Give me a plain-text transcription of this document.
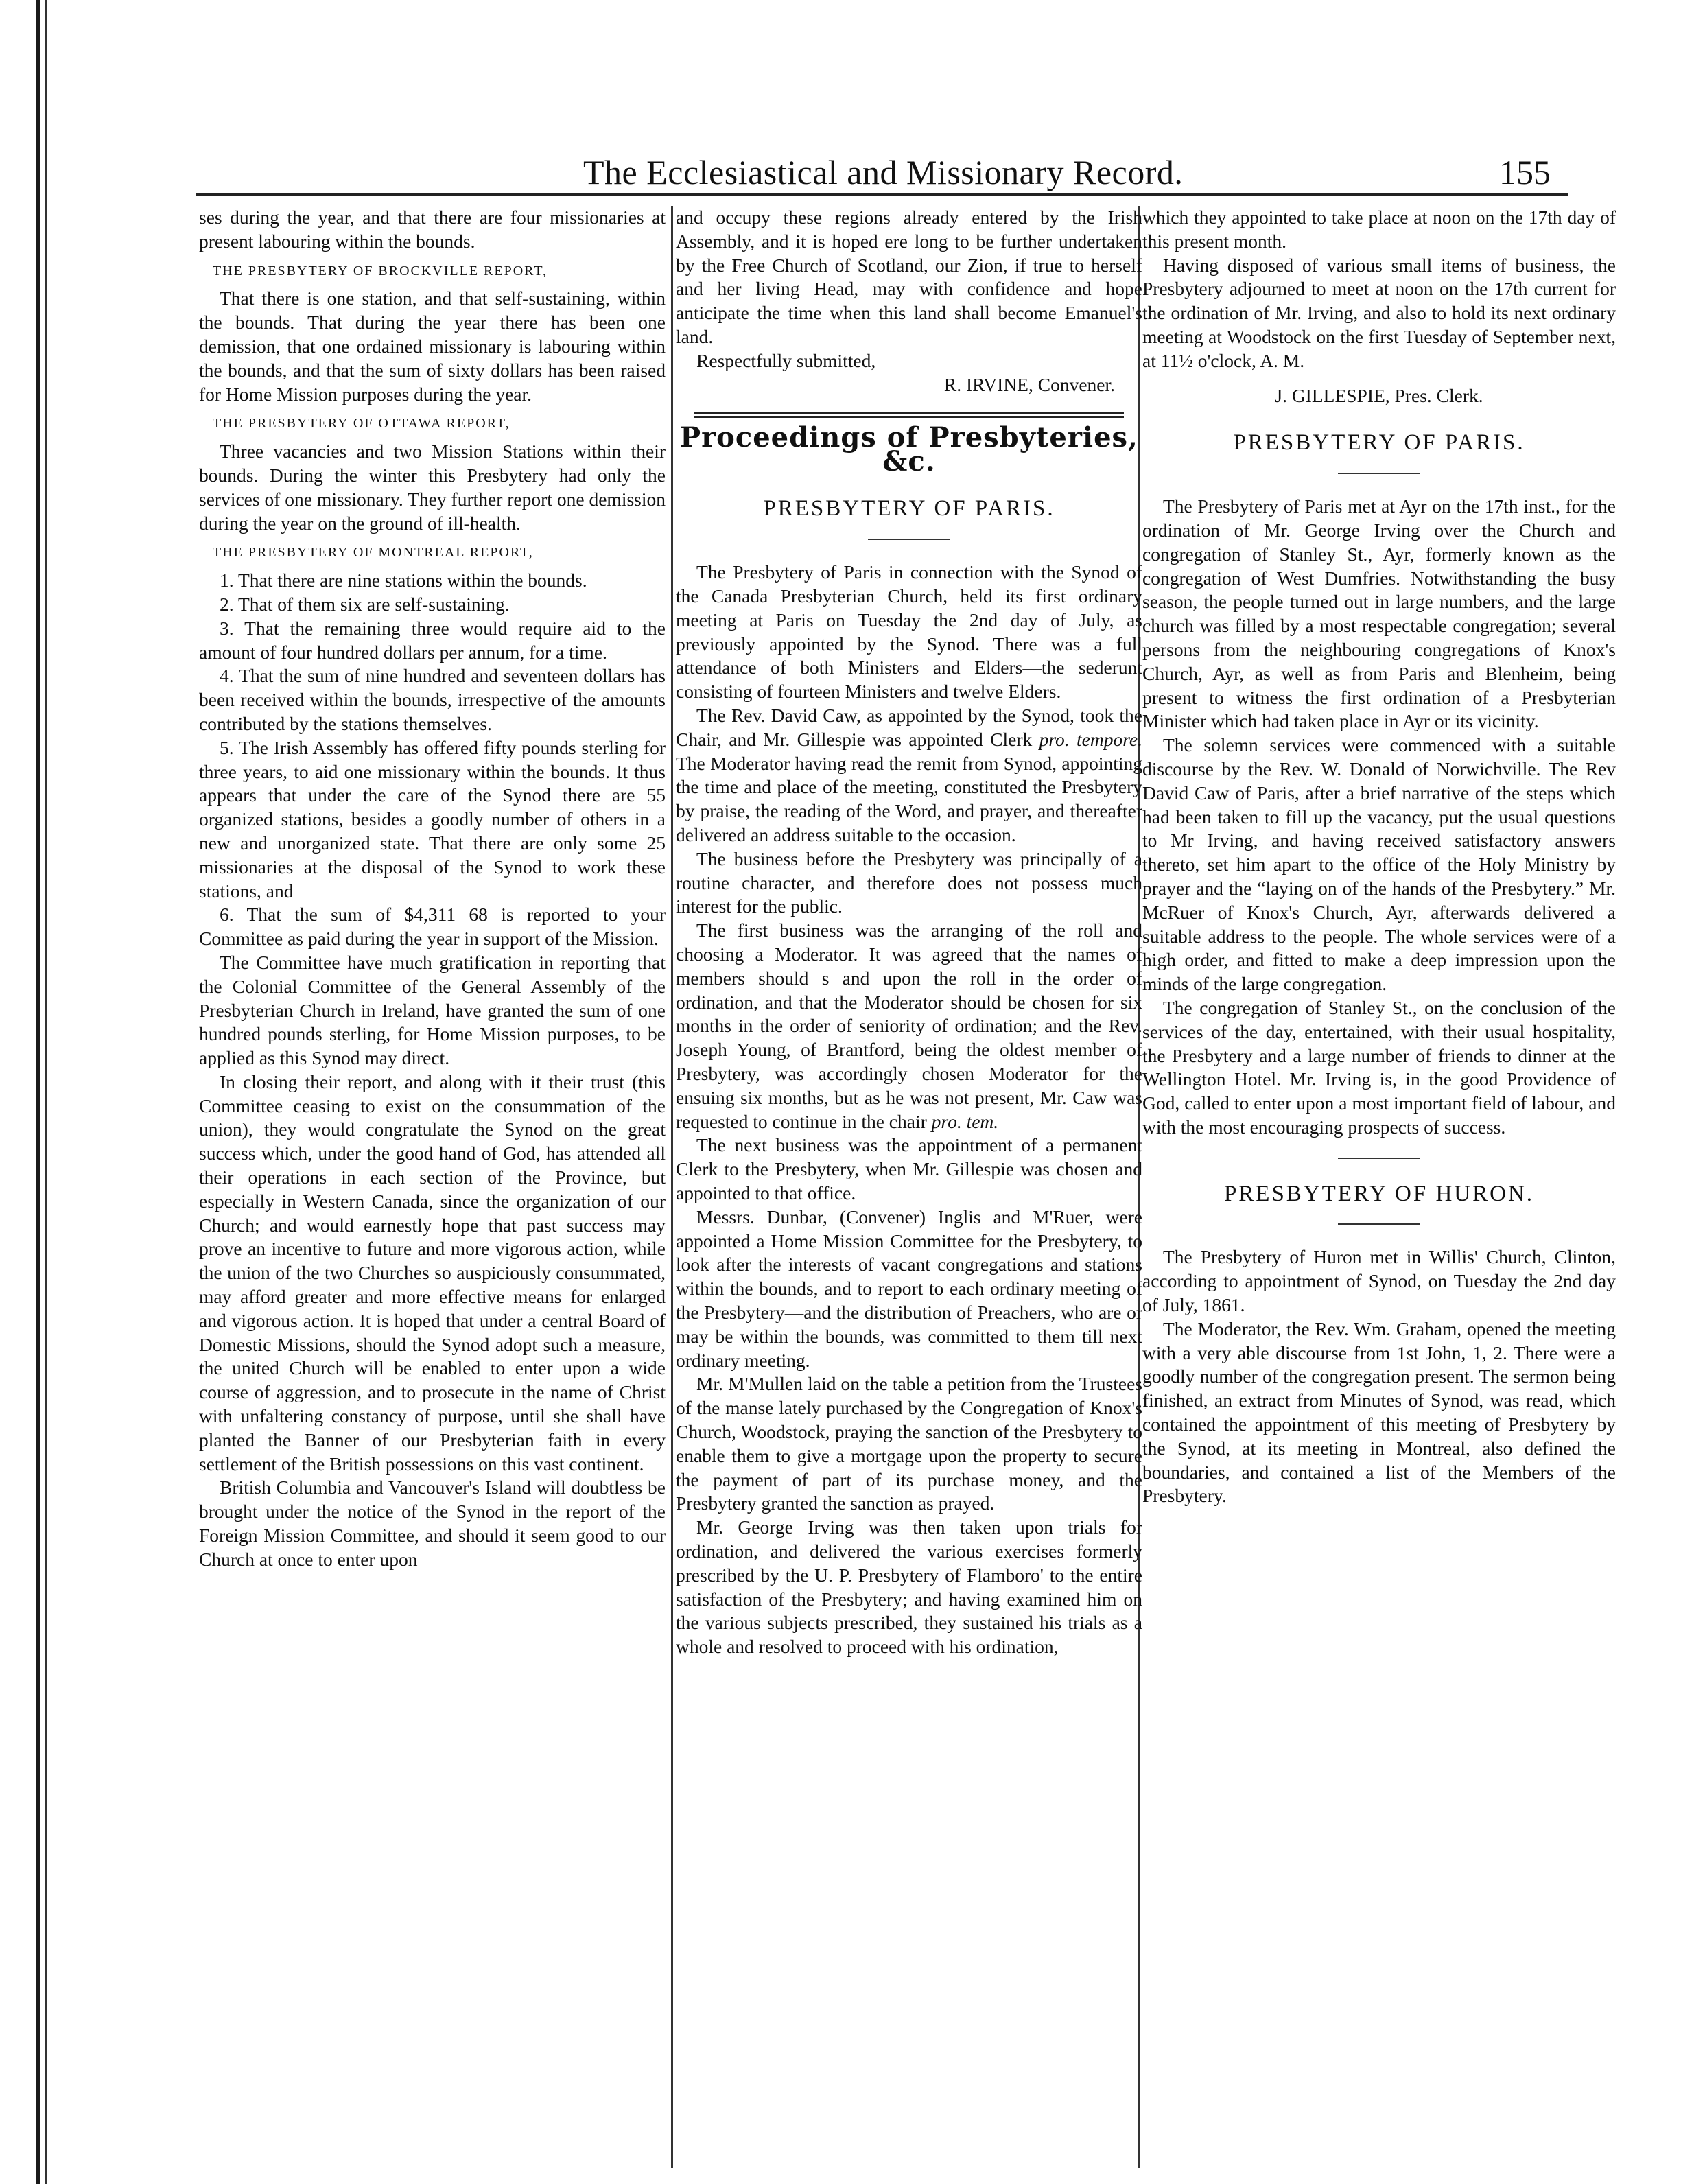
The Ecclesiastical and Missionary Record.	155

ses during the year, and that there are four missionaries at present labouring within the bounds.

THE PRESBYTERY OF BROCKVILLE REPORT,

That there is one station, and that self-sustaining, within the bounds. That during the year there has been one demission, that one ordained missionary is labouring within the bounds, and that the sum of sixty dollars has been raised for Home Mission purposes during the year.

THE PRESBYTERY OF OTTAWA REPORT,

Three vacancies and two Mission Stations within their bounds. During the winter this Presbytery had only the services of one missionary. They further report one demission during the year on the ground of ill-health.

THE PRESBYTERY OF MONTREAL REPORT,

1. That there are nine stations within the bounds.

2. That of them six are self-sustaining.

3. That the remaining three would require aid to the amount of four hundred dollars per annum, for a time.

4. That the sum of nine hundred and seventeen dollars has been received within the bounds, irrespective of the amounts contributed by the stations themselves.

5. The Irish Assembly has offered fifty pounds sterling for three years, to aid one missionary within the bounds. It thus appears that under the care of the Synod there are 55 organized stations, besides a goodly number of others in a new and unorganized state. That there are only some 25 missionaries at the disposal of the Synod to work these stations, and

6. That the sum of $4,311 68 is reported to your Committee as paid during the year in support of the Mission.

The Committee have much gratification in reporting that the Colonial Committee of the General Assembly of the Presbyterian Church in Ireland, have granted the sum of one hundred pounds sterling, for Home Mission purposes, to be applied as this Synod may direct.

In closing their report, and along with it their trust (this Committee ceasing to exist on the consummation of the union), they would congratulate the Synod on the great success which, under the good hand of God, has attended all their operations in each section of the Province, but especially in Western Canada, since the organization of our Church; and would earnestly hope that past success may prove an incentive to future and more vigorous action, while the union of the two Churches so auspiciously consummated, may afford greater and more effective means for enlarged and vigorous action. It is hoped that under a central Board of Domestic Missions, should the Synod adopt such a measure, the united Church will be enabled to enter upon a wide course of aggression, and to prosecute in the name of Christ with unfaltering constancy of purpose, until she shall have planted the Banner of our Presbyterian faith in every settlement of the British possessions on this vast continent.

British Columbia and Vancouver's Island will doubtless be brought under the notice of the Synod in the report of the Foreign Mission Committee, and should it seem good to our Church at once to enter upon

and occupy these regions already entered by the Irish Assembly, and it is hoped ere long to be further undertaken by the Free Church of Scotland, our Zion, if true to herself and her living Head, may with confidence and hope anticipate the time when this land shall become Emanuel's land.

Respectfully submitted,

R. IRVINE, Convener.

Proceedings of Presbyteries, &c.

PRESBYTERY OF PARIS.

The Presbytery of Paris in connection with the Synod of the Canada Presbyterian Church, held its first ordinary meeting at Paris on Tuesday the 2nd day of July, as previously appointed by the Synod. There was a full attendance of both Ministers and Elders—the sederunt consisting of fourteen Ministers and twelve Elders.

The Rev. David Caw, as appointed by the Synod, took the Chair, and Mr. Gillespie was appointed Clerk pro. tempore. The Moderator having read the remit from Synod, appointing the time and place of the meeting, constituted the Presbytery by praise, the reading of the Word, and prayer, and thereafter delivered an address suitable to the occasion.

The business before the Presbytery was principally of a routine character, and therefore does not possess much interest for the public.

The first business was the arranging of the roll and choosing a Moderator. It was agreed that the names of members should s and upon the roll in the order of ordination, and that the Moderator should be chosen for six months in the order of seniority of ordination; and the Rev. Joseph Young, of Brantford, being the oldest member of Presbytery, was accordingly chosen Moderator for the ensuing six months, but as he was not present, Mr. Caw was requested to continue in the chair pro. tem.

The next business was the appointment of a permanent Clerk to the Presbytery, when Mr. Gillespie was chosen and appointed to that office.

Messrs. Dunbar, (Convener) Inglis and M'Ruer, were appointed a Home Mission Committee for the Presbytery, to look after the interests of vacant congregations and stations within the bounds, and to report to each ordinary meeting of the Presbytery—and the distribution of Preachers, who are or may be within the bounds, was committed to them till next ordinary meeting.

Mr. M'Mullen laid on the table a petition from the Trustees of the manse lately purchased by the Congregation of Knox's Church, Woodstock, praying the sanction of the Presbytery to enable them to give a mortgage upon the property to secure the payment of part of its purchase money, and the Presbytery granted the sanction as prayed.

Mr. George Irving was then taken upon trials for ordination, and delivered the various exercises formerly prescribed by the U. P. Presbytery of Flamboro' to the entire satisfaction of the Presbytery; and having examined him on the various subjects prescribed, they sustained his trials as a whole and resolved to proceed with his ordination,

which they appointed to take place at noon on the 17th day of this present month.

Having disposed of various small items of business, the Presbytery adjourned to meet at noon on the 17th current for the ordination of Mr. Irving, and also to hold its next ordinary meeting at Woodstock on the first Tuesday of September next, at 11½ o'clock, A. M.

J. GILLESPIE, Pres. Clerk.

PRESBYTERY OF PARIS.

The Presbytery of Paris met at Ayr on the 17th inst., for the ordination of Mr. George Irving over the Church and congregation of Stanley St., Ayr, formerly known as the congregation of West Dumfries. Notwithstanding the busy season, the people turned out in large numbers, and the large church was filled by a most respectable congregation; several persons from the neighbouring congregations of Knox's Church, Ayr, as well as from Paris and Blenheim, being present to witness the first ordination of a Presbyterian Minister which had taken place in Ayr or its vicinity.

The solemn services were commenced with a suitable discourse by the Rev. W. Donald of Norwichville. The Rev David Caw of Paris, after a brief narrative of the steps which had been taken to fill up the vacancy, put the usual questions to Mr Irving, and having received satisfactory answers thereto, set him apart to the office of the Holy Ministry by prayer and the “laying on of the hands of the Presbytery.” Mr. McRuer of Knox's Church, Ayr, afterwards delivered a suitable address to the people. The whole services were of a high order, and fitted to make a deep impression upon the minds of the large congregation.

The congregation of Stanley St., on the conclusion of the services of the day, entertained, with their usual hospitality, the Presbytery and a large number of friends to dinner at the Wellington Hotel. Mr. Irving is, in the good Providence of God, called to enter upon a most important field of labour, and with the most encouraging prospects of success.

PRESBYTERY OF HURON.

The Presbytery of Huron met in Willis' Church, Clinton, according to appointment of Synod, on Tuesday the 2nd day of July, 1861.

The Moderator, the Rev. Wm. Graham, opened the meeting with a very able discourse from 1st John, 1, 2. There were a goodly number of the congregation present. The sermon being finished, an extract from Minutes of Synod, was read, which contained the appointment of this meeting of Presbytery by the Synod, at its meeting in Montreal, also defined the boundaries, and contained a list of the Members of the Presbytery.
